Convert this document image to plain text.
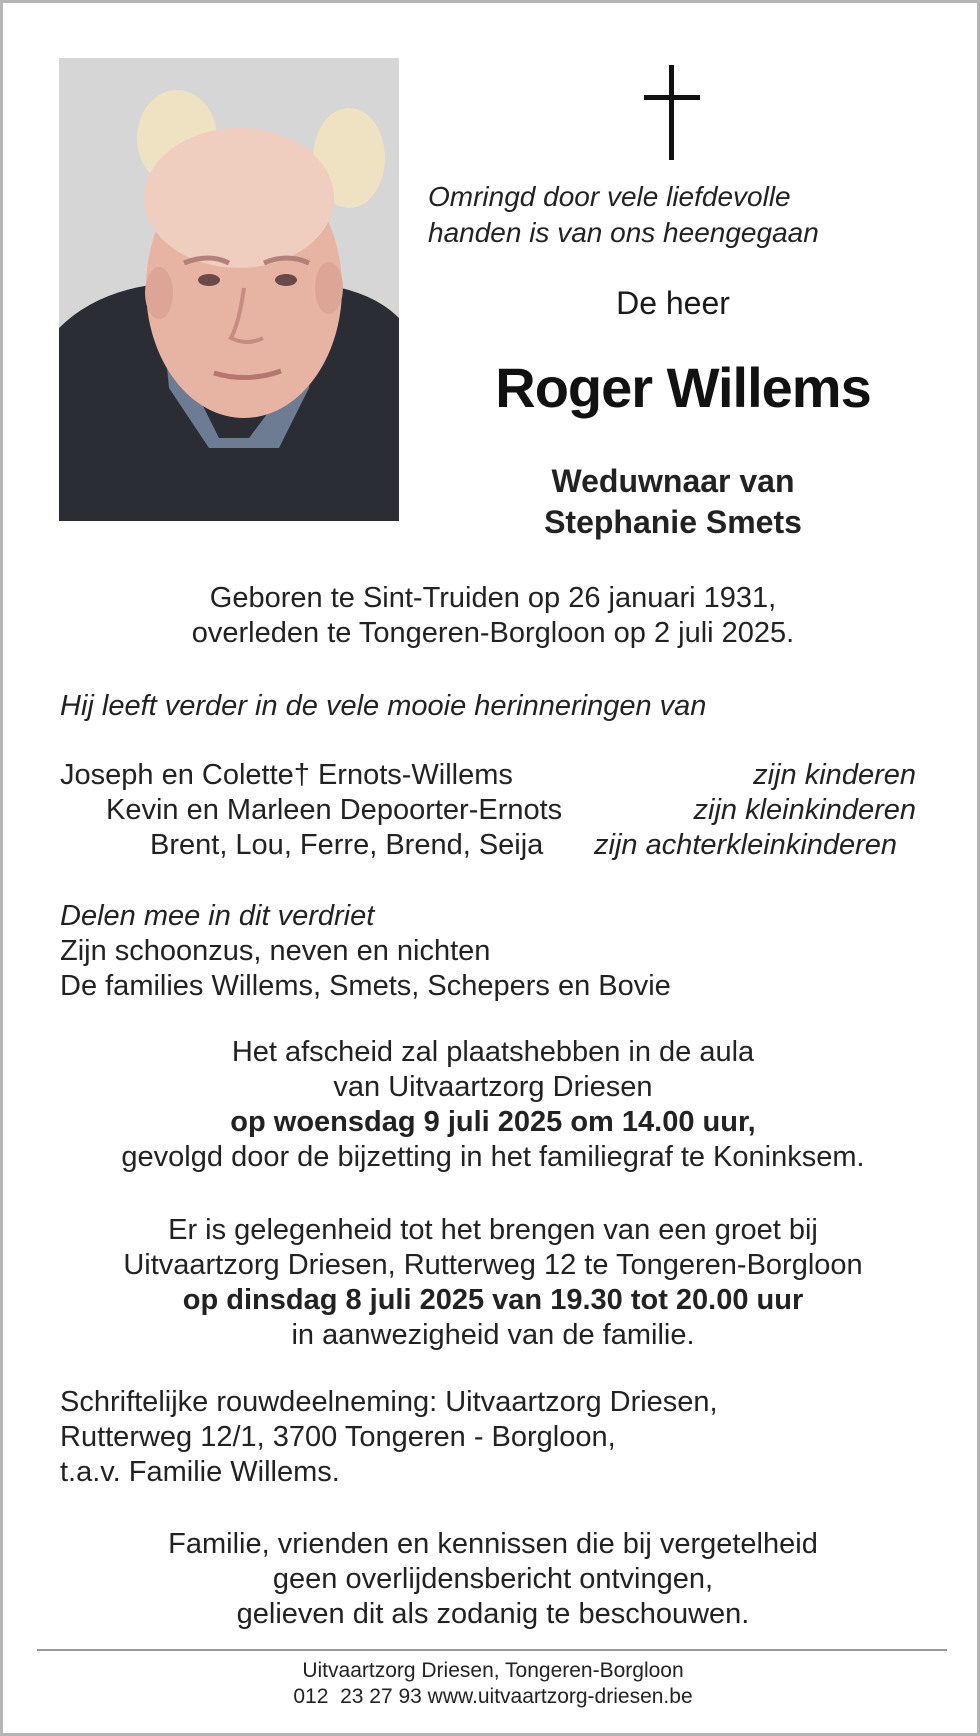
Omringd door vele liefdevolle
handen is van ons heengegaan
De heer
Roger Willems
Weduwnaar van
Stephanie Smets
Geboren te Sint-Truiden op 26 januari 1931,
overleden te Tongeren-Borgloon op 2 juli 2025.
Hij leeft verder in de vele mooie herinneringen van
Joseph en Colette† Ernots-Willems	zijn kinderen
Kevin en Marleen Depoorter-Ernots	zijn kleinkinderen
Brent, Lou, Ferre, Brend, Seija zijn achterkleinkinderen
Delen mee in dit verdriet
Zijn schoonzus, neven en nichten
De families Willems, Smets, Schepers en Bovie
Het afscheid zal plaatshebben in de aula
van Uitvaartzorg Driesen
op woensdag 9 juli 2025 om 14.00 uur,
gevolgd door de bijzetting in het familiegraf te Koninksem.
Er is gelegenheid tot het brengen van een groet bij
Uitvaartzorg Driesen, Rutterweg 12 te Tongeren-Borgloon
op dinsdag 8 juli 2025 van 19.30 tot 20.00 uur
in aanwezigheid van de familie.
Schriftelijke rouwdeelneming: Uitvaartzorg Driesen,
Rutterweg 12/1, 3700 Tongeren - Borgloon,
t.a.v. Familie Willems.
Familie, vrienden en kennissen die bij vergetelheid
geen overlijdensbericht ontvingen,
gelieven dit als zodanig te beschouwen.
Uitvaartzorg Driesen, Tongeren-Borgloon
012  23 27 93 www.uitvaartzorg-driesen.be
